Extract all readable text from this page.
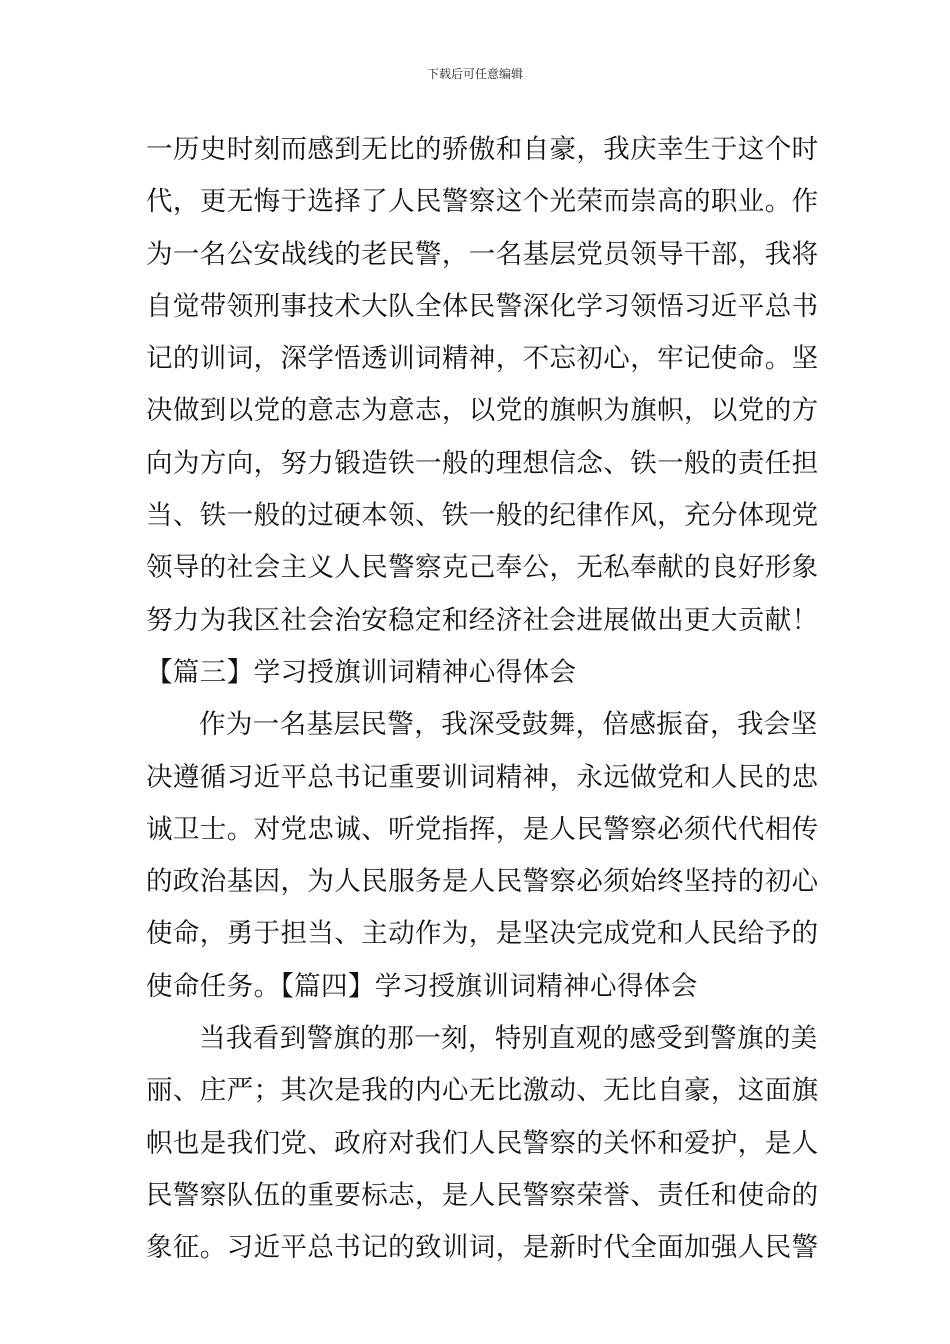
下载后可任意编辑
一历史时刻而感到无比的骄傲和自豪，我庆幸生于这个时
代，更无悔于选择了人民警察这个光荣而崇高的职业。作
为一名公安战线的老民警，一名基层党员领导干部，我将
自觉带领刑事技术大队全体民警深化学习领悟习近平总书
记的训词，深学悟透训词精神，不忘初心，牢记使命。坚
决做到以党的意志为意志，以党的旗帜为旗帜，以党的方
向为方向，努力锻造铁一般的理想信念、铁一般的责任担
当、铁一般的过硬本领、铁一般的纪律作风，充分体现党
领导的社会主义人民警察克己奉公，无私奉献的良好形象
努力为我区社会治安稳定和经济社会进展做出更大贡献！
【篇三】学习授旗训词精神心得体会
作为一名基层民警，我深受鼓舞，倍感振奋，我会坚
决遵循习近平总书记重要训词精神，永远做党和人民的忠
诚卫士。对党忠诚、听党指挥，是人民警察必须代代相传
的政治基因，为人民服务是人民警察必须始终坚持的初心
使命，勇于担当、主动作为，是坚决完成党和人民给予的
使命任务。【篇四】学习授旗训词精神心得体会
当我看到警旗的那一刻，特别直观的感受到警旗的美
丽、庄严；其次是我的内心无比激动、无比自豪，这面旗
帜也是我们党、政府对我们人民警察的关怀和爱护，是人
民警察队伍的重要标志，是人民警察荣誉、责任和使命的
象征。习近平总书记的致训词，是新时代全面加强人民警
